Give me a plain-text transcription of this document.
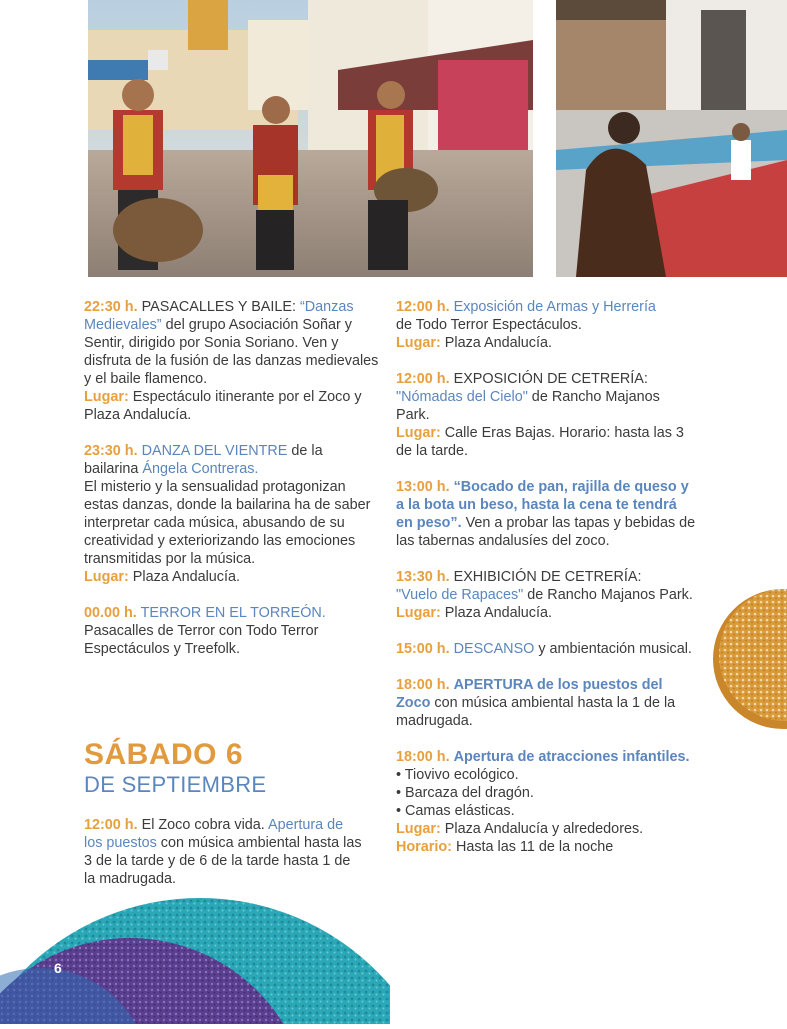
22:30 h. PASACALLES Y BAILE: “Danzas Medievales” del grupo Asociación Soñar y Sentir, dirigido por Sonia Soriano. Ven y disfruta de la fusión de las danzas medievales y el baile flamenco.
Lugar: Espectáculo itinerante por el Zoco y Plaza Andalucía.

23:30 h. DANZA DEL VIENTRE de la bailarina Ángela Contreras.
El misterio y la sensualidad protagonizan estas danzas, donde la bailarina ha de saber interpretar cada música, abusando de su creatividad y exteriorizando las emociones transmitidas por la música.
Lugar: Plaza Andalucía.

00.00 h. TERROR EN EL TORREÓN.
Pasacalles de Terror con Todo Terror Espectáculos y Treefolk.

SÁBADO 6
DE SEPTIEMBRE

12:00 h. El Zoco cobra vida. Apertura de los puestos con música ambiental hasta las 3 de la tarde y de 6 de la tarde hasta 1 de la madrugada.

12:00 h. Exposición de Armas y Herrería
de Todo Terror Espectáculos.
Lugar: Plaza Andalucía.

12:00 h. EXPOSICIÓN DE CETRERÍA:
"Nómadas del Cielo" de Rancho Majanos Park.
Lugar: Calle Eras Bajas. Horario: hasta las 3 de la tarde.

13:00 h. “Bocado de pan, rajilla de queso y a la bota un beso, hasta la cena te tendrá en peso”. Ven a probar las tapas y bebidas de las tabernas andalusíes del zoco.

13:30 h. EXHIBICIÓN DE CETRERÍA:
"Vuelo de Rapaces" de Rancho Majanos Park.
Lugar: Plaza Andalucía.

15:00 h. DESCANSO y ambientación musical.

18:00 h. APERTURA de los puestos del Zoco con música ambiental hasta la 1 de la madrugada.

18:00 h. Apertura de atracciones infantiles.
• Tiovivo ecológico.
• Barcaza del dragón.
• Camas elásticas.
Lugar: Plaza Andalucía y alrededores.
Horario: Hasta las 11 de la noche

6
